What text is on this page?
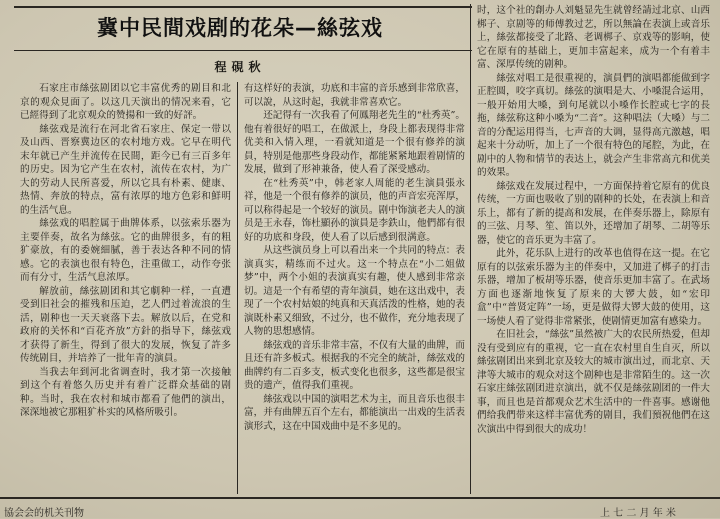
冀中民間戏剧的花朵—絲弦戏
程硯秋

石家庄市絲弦剧团以它丰富优秀的剧目和北京的观众見面了。以这几天演出的情况来看，它已經得到了北京观众的赞揚和一致的好評。

絲弦戏是流行在河北省石家庄、保定一带以及山西、晋察冀边区的农村地方戏。它早在明代末年就已产生并流传在民間，距今已有三百多年的历史。因为它产生在农村，流传在农村，为广大的劳动人民所喜爱，所以它具有朴素、健康、热情、奔放的特点，富有浓厚的地方色彩和鮮明的生活气息。

絲弦戏的唱腔属于曲牌体系，以弦索乐器为主要伴奏，故名为絲弦。它的曲牌很多，有的粗犷豪放，有的委婉細膩，善于表达各种不同的情感。它的表演也很有特色，注重做工，动作夸张而有分寸，生活气息浓厚。

解放前，絲弦剧团和其它劇种一样，一直遭受到旧社会的摧残和压迫，艺人們过着流浪的生活，剧种也一天天衰落下去。解放以后，在党和政府的关怀和“百花齐放”方針的指导下，絲弦戏才获得了新生，得到了很大的发展，恢复了許多传统剧目，并培养了一批年青的演員。

当我去年到河北省调查时，我才第一次接触到这个有着悠久历史并有着广泛群众基础的剧种。当时，我在农村和城市都看了他們的演出，深深地被它那粗犷朴实的风格所吸引。

有这样好的表演，功底和丰富的音乐感到非常欣喜，可以說，从这时起，我就非常喜欢它。

还記得有一次我看了何鳳翔老先生的“杜秀英”。他有着很好的唱工，在做派上，身段上都表现得非常优美和入情入理，一看就知道是一个很有修养的演員，特别是他那些身段动作，都能紧紧地跟着剧情的发展，做到了形神兼备，使人看了深受感动。

在“杜秀英”中，韩老家人周能的老生演員張永祥，他是一个很有修养的演员，他的声音宏亮浑厚，可以称得起是一个较好的演员。剧中饰演老夫人的演员是王永春，饰杜顯孙的演員是李鉄山，他們都有很好的功底和身段，使人看了以后感到很满意。

从这些演员身上可以看出来一个共同的特点：表演真实，精练而不过火。这一个特点在“小二姐做梦”中，两个小姐的表演真实有趣，使人感到非常亲切。這是一个有希望的青年演員，她在这出戏中，表现了一个农村姑娘的纯真和天真活泼的性格，她的表演既朴素又细致，不过分，也不做作，充分地表现了人物的思想感情。

絲弦戏的音乐非常丰富，不仅有大量的曲牌，而且还有許多板式。根据我的不完全的統計，絲弦戏的曲牌约有二百多支，板式变化也很多，这些都是很宝贵的遗产，值得我们重视。

絲弦戏以中国的演唱艺术为主，而且音乐也很丰富，并有曲牌五百个左右，都能演出一出戏的生活表演形式，这在中国戏曲中是不多见的。

时，这个社的創办人刘魁显先生就曾经請过北京、山西梆子、京剧等的师傅教过艺，所以無論在表演上或音乐上，絲弦都接受了北路、老调梆子、京戏等的影响，使它在原有的基础上，更加丰富起来，成为一个有着丰富、深厚传统的剧种。

絲弦对唱工是很重视的，演員們的演唱都能做到字正腔圆，咬字真切。絲弦的演唱是大、小嗓混合运用，一般开始用大嗓，到句尾就以小嗓作长腔或七字的長拖，絲弦称这种小嗓为“二音”。这种唱法（大嗓）与二音的分配运用得当，七声音的大调，显得高亢激越，唱起来十分动听，加上了一个很有特色的尾腔，为此，在剧中的人物和情节的表达上，就会产生非常高亢和优美的效果。

絲弦戏在发展过程中，一方面保持着它原有的优良传统，一方面也吸收了别的剧种的长处，在表演上和音乐上，都有了新的提高和发展，在伴奏乐器上，除原有的三弦、月琴、笙、笛以外，还增加了胡琴、二胡等乐器，使它的音乐更为丰富了。

此外，花乐队上进行的改革也值得在这一提。在它原有的以弦索乐器为主的伴奏中，又加进了梆子的打击乐器，增加了板胡等乐器，使音乐更加丰富了。在武场方面也逐渐地恢复了原来的大锣大鼓，如“宏印盒”中“普贤定阵”一场，更是做得大锣大鼓的使用，这一场使人看了觉得非常紧张，使剧情更加富有感染力。

在旧社会，“絲弦”虽然被广大的农民所热爱，但却没有受到应有的重视，它一直在农村里自生自灭，所以絲弦剧团出来到北京及较大的城市演出过，而北京、天津等大城市的观众对这个剧种也是非常陌生的。这一次石家庄絲弦剧团进京演出，就不仅是絲弦剧团的一件大事，而且也是首都观众艺术生活中的一件喜事。感谢他們给我們带来这样丰富优秀的剧目，我们預祝他們在这次演出中得到很大的成功！

協会会的机关刊物	上 七 二 月 年 米
